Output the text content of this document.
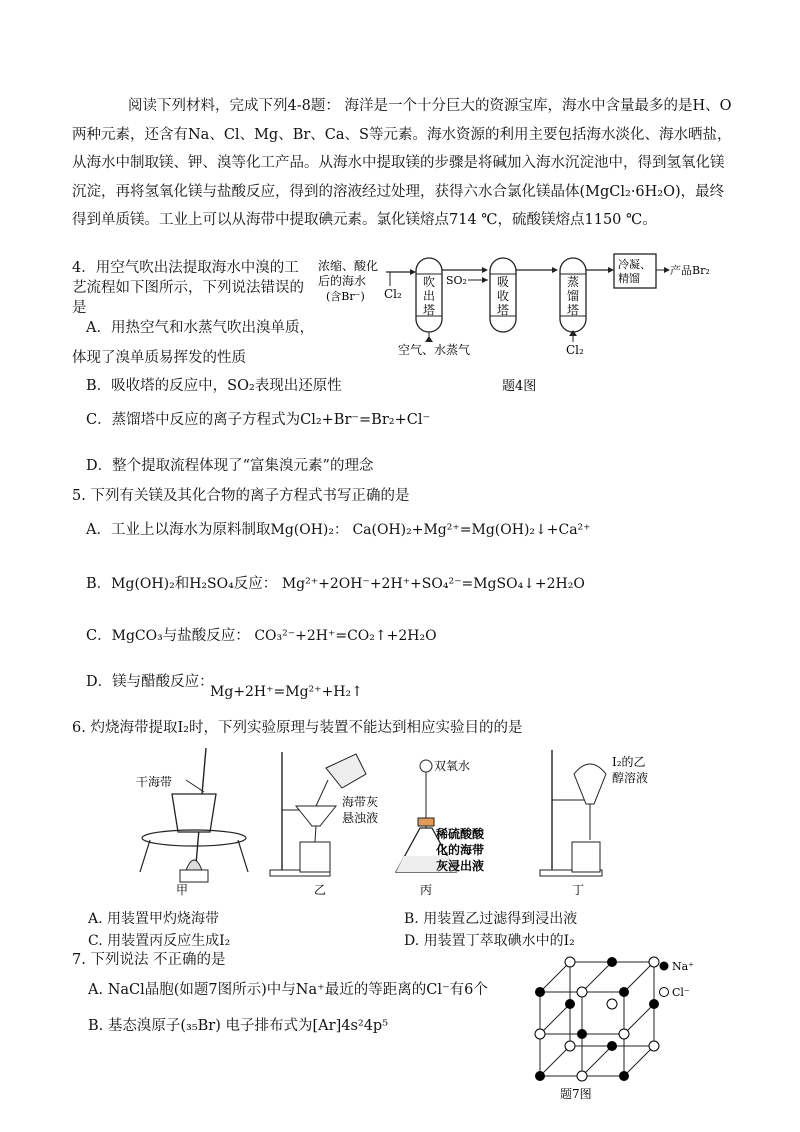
阅读下列材料，完成下列4-8题： 海洋是一个十分巨大的资源宝库，海水中含量最多的是H、O两种元素，还含有Na、Cl、Mg、Br、Ca、S等元素。海水资源的利用主要包括海水淡化、海水晒盐，从海水中制取镁、钾、溴等化工产品。从海水中提取镁的步骤是将碱加入海水沉淀池中，得到氢氧化镁沉淀，再将氢氧化镁与盐酸反应，得到的溶液经过处理，获得六水合氯化镁晶体(MgCl₂·6H₂O)，最终得到单质镁。工业上可以从海带中提取碘元素。氯化镁熔点714 ℃，硫酸镁熔点1150 ℃。
4．用空气吹出法提取海水中溴的工
艺流程如下图所示，下列说法错误的
是
A．用热空气和水蒸气吹出溴单质，
体现了溴单质易挥发的性质
B．吸收塔的反应中，SO₂表现出还原性
C．蒸馏塔中反应的离子方程式为Cl₂+Br⁻=Br₂+Cl⁻
D．整个提取流程体现了“富集溴元素”的理念
浓缩、酸化
后的海水
(含Br⁻) Cl₂
吹
出
塔
空气、水蒸气
SO₂	吸
收
塔
蒸
馏
塔
Cl₂
冷凝、
精馏
产品Br₂
题4图
5. 下列有关镁及其化合物的离子方程式书写正确的是
A．工业上以海水为原料制取Mg(OH)₂： Ca(OH)₂+Mg²⁺=Mg(OH)₂↓+Ca²⁺
B．Mg(OH)₂和H₂SO₄反应： Mg²⁺+2OH⁻+2H⁺+SO₄²⁻=MgSO₄↓+2H₂O
C．MgCO₃与盐酸反应： CO₃²⁻+2H⁺=CO₂↑+2H₂O
D．镁与醋酸反应：
Mg+2H⁺=Mg²⁺+H₂↑
6. 灼烧海带提取I₂时，下列实验原理与装置不能达到相应实验目的的是
干海带
甲
海带灰
悬浊液
乙
双氧水
稀硫酸酸
化的海带
灰浸出液
丙
I₂的乙
醇溶液
丁
A. 用装置甲灼烧海带	B. 用装置乙过滤得到浸出液
C. 用装置丙反应生成I₂	D. 用装置丁萃取碘水中的I₂
7. 下列说法 不正确的是
A. NaCl晶胞(如题7图所示)中与Na⁺最近的等距离的Cl⁻有6个
B. 基态溴原子(₃₅Br) 电子排布式为[Ar]4s²4p⁵
Na⁺
Cl⁻
题7图
